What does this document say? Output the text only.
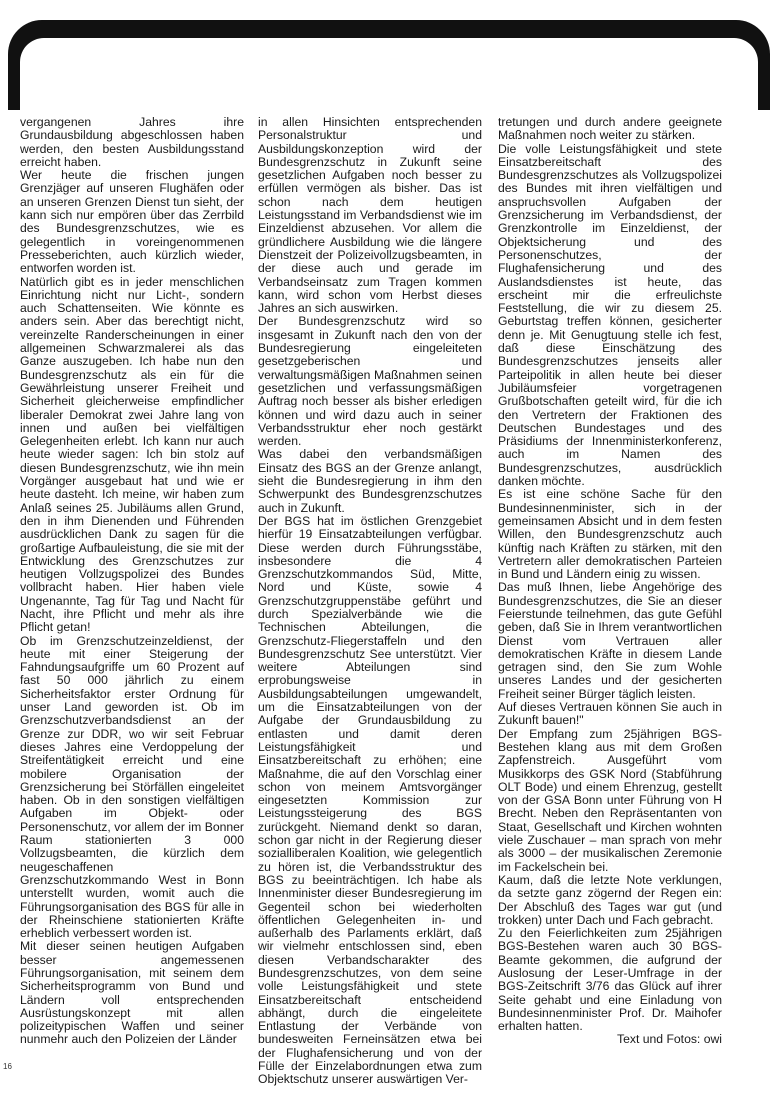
vergangenen Jahres ihre Grundausbildung abgeschlossen haben werden, den besten Ausbildungsstand erreicht haben.

Wer heute die frischen jungen Grenzjäger auf unseren Flughäfen oder an unseren Grenzen Dienst tun sieht, der kann sich nur empören über das Zerrbild des Bundesgrenzschutzes, wie es gelegentlich in voreingenommenen Presseberichten, auch kürzlich wieder, entworfen worden ist.

Natürlich gibt es in jeder menschlichen Einrichtung nicht nur Licht-, sondern auch Schattenseiten. Wie könnte es anders sein. Aber das berechtigt nicht, vereinzelte Randerscheinungen in einer allgemeinen Schwarzmalerei als das Ganze auszugeben. Ich habe nun den Bundesgrenzschutz als ein für die Gewährleistung unserer Freiheit und Sicherheit gleicherweise empfindlicher liberaler Demokrat zwei Jahre lang von innen und außen bei vielfältigen Gelegenheiten erlebt. Ich kann nur auch heute wieder sagen: Ich bin stolz auf diesen Bundesgrenzschutz, wie ihn mein Vorgänger ausgebaut hat und wie er heute dasteht. Ich meine, wir haben zum Anlaß seines 25. Jubiläums allen Grund, den in ihm Dienenden und Führenden ausdrücklichen Dank zu sagen für die großartige Aufbauleistung, die sie mit der Entwicklung des Grenzschutzes zur heutigen Vollzugspolizei des Bundes vollbracht haben. Hier haben viele Ungenannte, Tag für Tag und Nacht für Nacht, ihre Pflicht und mehr als ihre Pflicht getan!

Ob im Grenzschutzeinzeldienst, der heute mit einer Steigerung der Fahndungsaufgriffe um 60 Prozent auf fast 50 000 jährlich zu einem Sicherheitsfaktor erster Ordnung für unser Land geworden ist. Ob im Grenzschutzverbandsdienst an der Grenze zur DDR, wo wir seit Februar dieses Jahres eine Verdoppelung der Streifentätigkeit erreicht und eine mobilere Organisation der Grenzsicherung bei Störfällen eingeleitet haben. Ob in den sonstigen vielfältigen Aufgaben im Objekt- oder Personenschutz, vor allem der im Bonner Raum stationierten 3 000 Vollzugsbeamten, die kürzlich dem neugeschaffenen Grenzschutzkommando West in Bonn unterstellt wurden, womit auch die Führungsorganisation des BGS für alle in der Rheinschiene stationierten Kräfte erheblich verbessert worden ist.

Mit dieser seinen heutigen Aufgaben besser angemessenen Führungsorganisation, mit seinem dem Sicherheitsprogramm von Bund und Ländern voll entsprechenden Ausrüstungskonzept mit allen polizeitypischen Waffen und seiner nunmehr auch den Polizeien der Länder

in allen Hinsichten entsprechenden Personalstruktur und Ausbildungskonzeption wird der Bundesgrenzschutz in Zukunft seine gesetzlichen Aufgaben noch besser zu erfüllen vermögen als bisher. Das ist schon nach dem heutigen Leistungsstand im Verbandsdienst wie im Einzeldienst abzusehen. Vor allem die gründlichere Ausbildung wie die längere Dienstzeit der Polizeivollzugsbeamten, in der diese auch und gerade im Verbandseinsatz zum Tragen kommen kann, wird schon vom Herbst dieses Jahres an sich auswirken.

Der Bundesgrenzschutz wird so insgesamt in Zukunft nach den von der Bundesregierung eingeleiteten gesetzgeberischen und verwaltungsmäßigen Maßnahmen seinen gesetzlichen und verfassungsmäßigen Auftrag noch besser als bisher erledigen können und wird dazu auch in seiner Verbandsstruktur eher noch gestärkt werden.

Was dabei den verbandsmäßigen Einsatz des BGS an der Grenze anlangt, sieht die Bundesregierung in ihm den Schwerpunkt des Bundesgrenzschutzes auch in Zukunft.

Der BGS hat im östlichen Grenzgebiet hierfür 19 Einsatzabteilungen verfügbar. Diese werden durch Führungsstäbe, insbesondere die 4 Grenzschutzkommandos Süd, Mitte, Nord und Küste, sowie 4 Grenzschutzgruppenstäbe geführt und durch Spezialverbände wie die Technischen Abteilungen, die Grenzschutz-Fliegerstaffeln und den Bundesgrenzschutz See unterstützt. Vier weitere Abteilungen sind erprobungsweise in Ausbildungsabteilungen umgewandelt, um die Einsatzabteilungen von der Aufgabe der Grundausbildung zu entlasten und damit deren Leistungsfähigkeit und Einsatzbereitschaft zu erhöhen; eine Maßnahme, die auf den Vorschlag einer schon von meinem Amtsvorgänger eingesetzten Kommission zur Leistungssteigerung des BGS zurückgeht. Niemand denkt so daran, schon gar nicht in der Regierung dieser sozialliberalen Koalition, wie gelegentlich zu hören ist, die Verbandsstruktur des BGS zu beeinträchtigen. Ich habe als Innenminister dieser Bundesregierung im Gegenteil schon bei wiederholten öffentlichen Gelegenheiten in- und außerhalb des Parlaments erklärt, daß wir vielmehr entschlossen sind, eben diesen Verbandscharakter des Bundesgrenzschutzes, von dem seine volle Leistungsfähigkeit und stete Einsatzbereitschaft entscheidend abhängt, durch die eingeleitete Entlastung der Verbände von bundesweiten Ferneinsätzen etwa bei der Flughafensicherung und von der Fülle der Einzelabordnungen etwa zum Objektschutz unserer auswärtigen Ver-

tretungen und durch andere geeignete Maßnahmen noch weiter zu stärken.

Die volle Leistungsfähigkeit und stete Einsatzbereitschaft des Bundesgrenzschutzes als Vollzugspolizei des Bundes mit ihren vielfältigen und anspruchsvollen Aufgaben der Grenzsicherung im Verbandsdienst, der Grenzkontrolle im Einzeldienst, der Objektsicherung und des Personenschutzes, der Flughafensicherung und des Auslandsdienstes ist heute, das erscheint mir die erfreulichste Feststellung, die wir zu diesem 25. Geburtstag treffen können, gesicherter denn je. Mit Genugtuung stelle ich fest, daß diese Einschätzung des Bundesgrenzschutzes jenseits aller Parteipolitik in allen heute bei dieser Jubiläumsfeier vorgetragenen Grußbotschaften geteilt wird, für die ich den Vertretern der Fraktionen des Deutschen Bundestages und des Präsidiums der Innenministerkonferenz, auch im Namen des Bundesgrenzschutzes, ausdrücklich danken möchte.

Es ist eine schöne Sache für den Bundesinnenminister, sich in der gemeinsamen Absicht und in dem festen Willen, den Bundesgrenzschutz auch künftig nach Kräften zu stärken, mit den Vertretern aller demokratischen Parteien in Bund und Ländern einig zu wissen.

Das muß Ihnen, liebe Angehörige des Bundesgrenzschutzes, die Sie an dieser Feierstunde teilnehmen, das gute Gefühl geben, daß Sie in Ihrem verantwortlichen Dienst vom Vertrauen aller demokratischen Kräfte in diesem Lande getragen sind, den Sie zum Wohle unseres Landes und der gesicherten Freiheit seiner Bürger täglich leisten.

Auf dieses Vertrauen können Sie auch in Zukunft bauen!"

Der Empfang zum 25jährigen BGS-Bestehen klang aus mit dem Großen Zapfenstreich. Ausgeführt vom Musikkorps des GSK Nord (Stabführung OLT Bode) und einem Ehrenzug, gestellt von der GSA Bonn unter Führung von H Brecht. Neben den Repräsentanten von Staat, Gesellschaft und Kirchen wohnten viele Zuschauer – man sprach von mehr als 3000 – der musikalischen Zeremonie im Fackelschein bei.

Kaum, daß die letzte Note verklungen, da setzte ganz zögernd der Regen ein: Der Abschluß des Tages war gut (und trokken) unter Dach und Fach gebracht.

Zu den Feierlichkeiten zum 25jährigen BGS-Bestehen waren auch 30 BGS-Beamte gekommen, die aufgrund der Auslosung der Leser-Umfrage in der BGS-Zeitschrift 3/76 das Glück auf ihrer Seite gehabt und eine Einladung von Bundesinnenminister Prof. Dr. Maihofer erhalten hatten.

Text und Fotos: owi

16
